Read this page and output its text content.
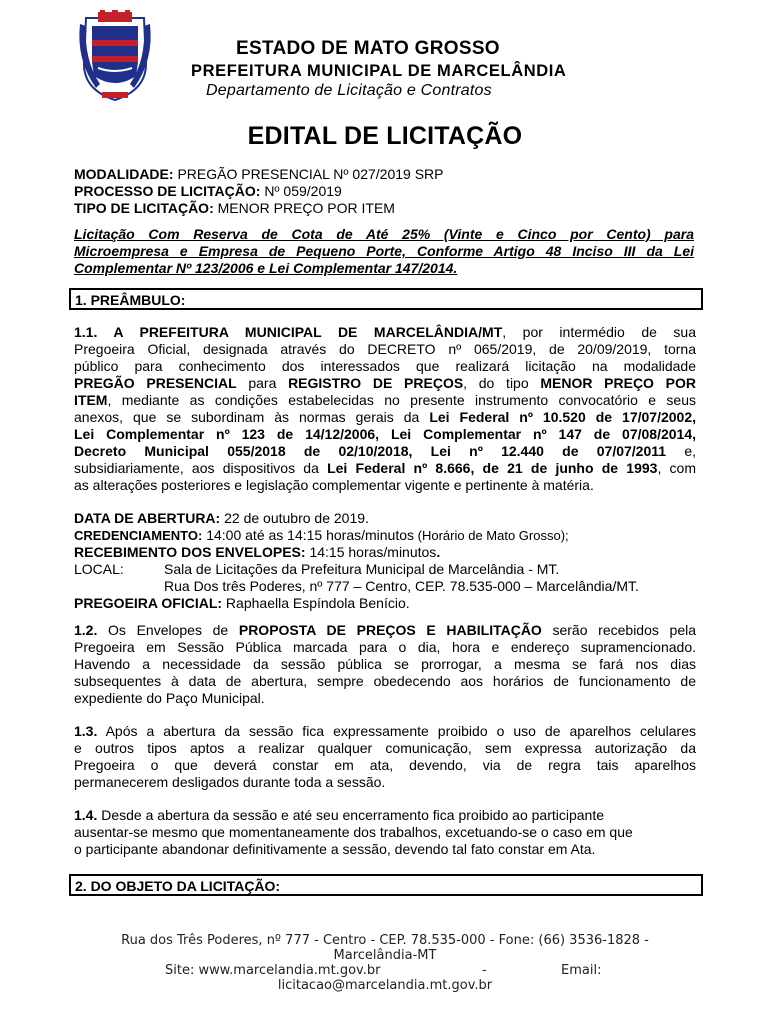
ESTADO DE MATO GROSSO
PREFEITURA MUNICIPAL DE MARCELÂNDIA
Departamento de Licitação e Contratos
EDITAL DE LICITAÇÃO
MODALIDADE: PREGÃO PRESENCIAL Nº 027/2019 SRP
PROCESSO DE LICITAÇÃO: Nº 059/2019
TIPO DE LICITAÇÃO: MENOR PREÇO POR ITEM
Licitação Com Reserva de Cota de Até 25% (Vinte e Cinco por Cento) para
Microempresa e Empresa de Pequeno Porte, Conforme Artigo 48 Inciso III da Lei
Complementar Nº 123/2006 e Lei Complementar 147/2014.
1. PREÂMBULO:
1.1. A PREFEITURA MUNICIPAL DE MARCELÂNDIA/MT, por intermédio de sua
Pregoeira Oficial, designada através do DECRETO nº 065/2019, de 20/09/2019, torna
público para conhecimento dos interessados que realizará licitação na modalidade
PREGÃO PRESENCIAL para REGISTRO DE PREÇOS, do tipo MENOR PREÇO POR
ITEM, mediante as condições estabelecidas no presente instrumento convocatório e seus
anexos, que se subordinam às normas gerais da Lei Federal nº 10.520 de 17/07/2002,
Lei Complementar nº 123 de 14/12/2006, Lei Complementar nº 147 de 07/08/2014,
Decreto Municipal 055/2018 de 02/10/2018, Lei nº 12.440 de 07/07/2011 e,
subsidiariamente, aos dispositivos da Lei Federal nº 8.666, de 21 de junho de 1993, com
as alterações posteriores e legislação complementar vigente e pertinente à matéria.
DATA DE ABERTURA: 22 de outubro de 2019.
CREDENCIAMENTO: 14:00 até as 14:15 horas/minutos (Horário de Mato Grosso);
RECEBIMENTO DOS ENVELOPES: 14:15 horas/minutos.
LOCAL:	Sala de Licitações da Prefeitura Municipal de Marcelândia - MT.
Rua Dos três Poderes, nº 777 – Centro, CEP. 78.535-000 – Marcelândia/MT.
PREGOEIRA OFICIAL: Raphaella Espíndola Benício.
1.2. Os Envelopes de PROPOSTA DE PREÇOS E HABILITAÇÃO serão recebidos pela
Pregoeira em Sessão Pública marcada para o dia, hora e endereço supramencionado.
Havendo a necessidade da sessão pública se prorrogar, a mesma se fará nos dias
subsequentes à data de abertura, sempre obedecendo aos horários de funcionamento de
expediente do Paço Municipal.
1.3. Após a abertura da sessão fica expressamente proibido o uso de aparelhos celulares
e outros tipos aptos a realizar qualquer comunicação, sem expressa autorização da
Pregoeira o que deverá constar em ata, devendo, via de regra tais aparelhos
permanecerem desligados durante toda a sessão.
1.4. Desde a abertura da sessão e até seu encerramento fica proibido ao participante
ausentar-se mesmo que momentaneamente dos trabalhos, excetuando-se o caso em que
o participante abandonar definitivamente a sessão, devendo tal fato constar em Ata.
2. DO OBJETO DA LICITAÇÃO:
Rua dos Três Poderes, nº 777 - Centro - CEP. 78.535-000 - Fone: (66) 3536-1828 -
Marcelândia-MT
Site: www.marcelandia.mt.gov.br	-	Email:
licitacao@marcelandia.mt.gov.br
